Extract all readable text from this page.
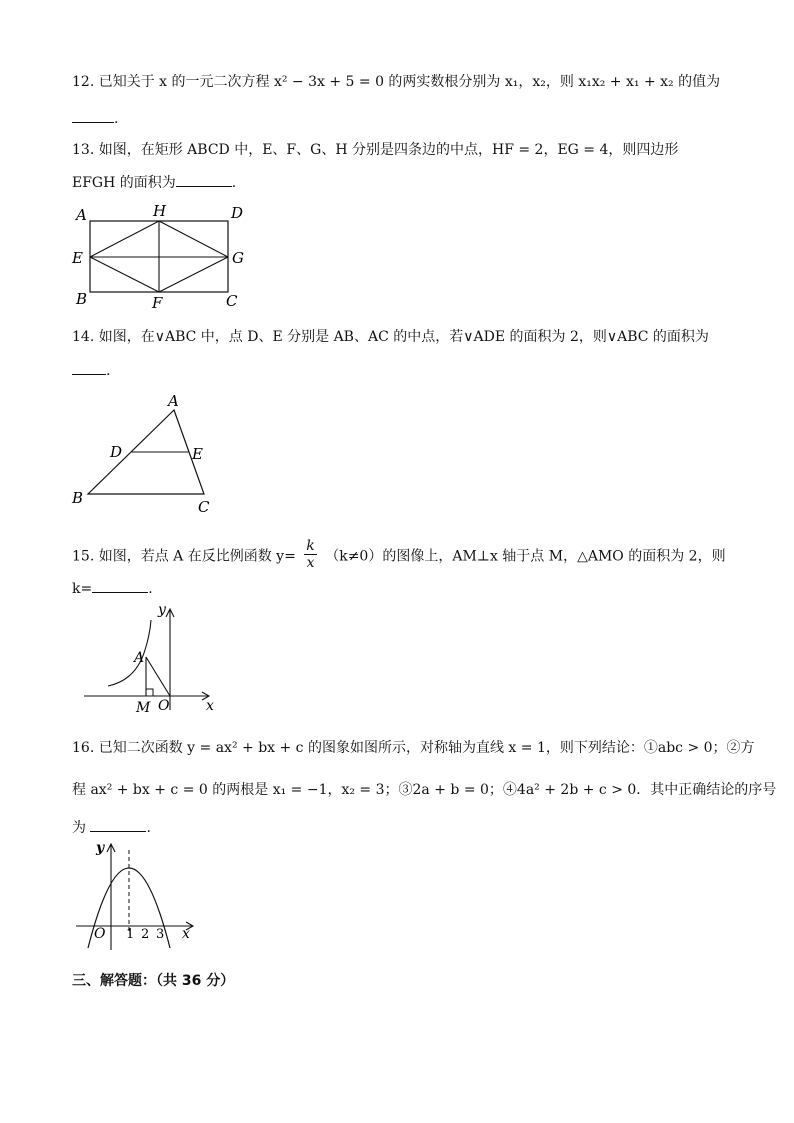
12. 已知关于 x 的一元二次方程 x² − 3x + 5 = 0 的两实数根分别为 x₁，x₂，则 x₁x₂ + x₁ + x₂ 的值为
.
13. 如图，在矩形 ABCD 中，E、F、G、H 分别是四条边的中点，HF = 2，EG = 4，则四边形
EFGH 的面积为	.
A	H	D
E	G
B	F	C
14. 如图，在∨ABC 中，点 D、E 分别是 AB、AC 的中点，若∨ADE 的面积为 2，则∨ABC 的面积为
.
A
D	E
B	C
15. 如图，若点 A 在反比例函数 $y= \frac{k}{x} (k\ne 0)$的图像上，AM⊥x 轴于点 M，△AMO 的面积为 2，则
k=	.
y
A
M O	x
16. 已知二次函数 y = ax² + bx + c 的图象如图所示，对称轴为直线 x = 1，则下列结论：①abc > 0；②方
程 ax² + bx + c = 0 的两根是 x₁ = −1，x₂ = 3；③2a + b = 0；④4a² + 2b + c > 0．其中正确结论的序号
为	.
y
O 1 2 3 x
三、解答题：（共 36 分）
